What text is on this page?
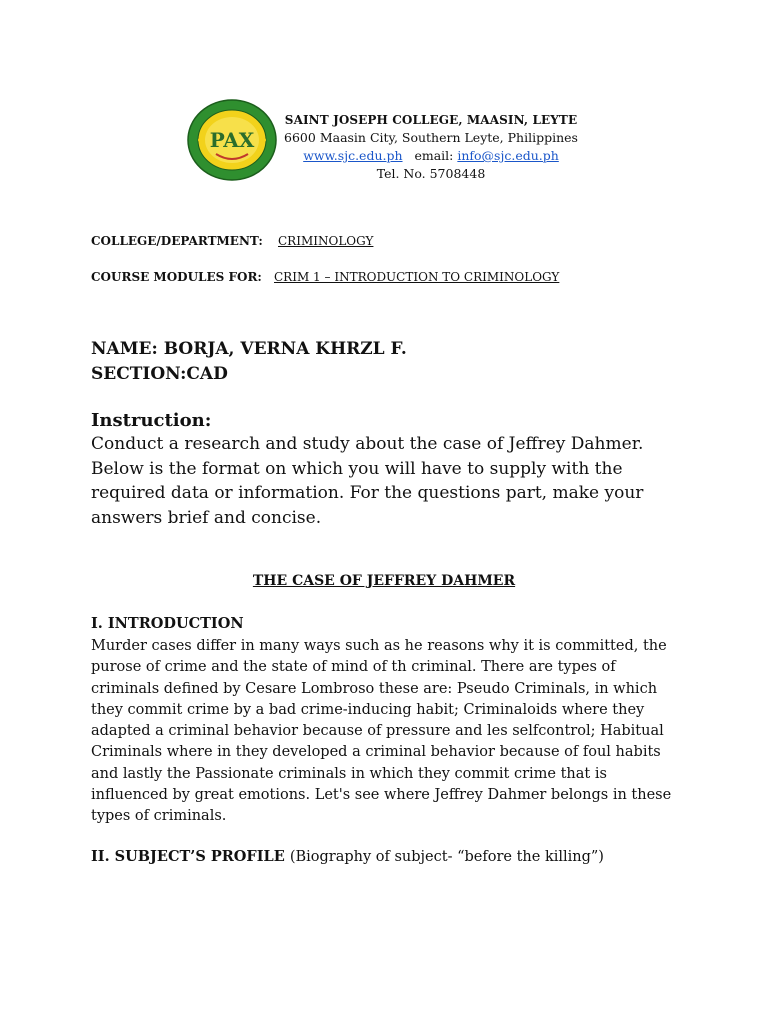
PAX
SAINT JOSEPH COLLEGE, MAASIN, LEYTE
6600 Maasin City, Southern Leyte, Philippines
www.sjc.edu.ph email: info@sjc.edu.ph
Tel. No. 5708448
COLLEGE/DEPARTMENT: CRIMINOLOGY
COURSE MODULES FOR: CRIM 1 – INTRODUCTION TO CRIMINOLOGY
NAME: BORJA, VERNA KHRZL F.
SECTION:CAD
Instruction:
Conduct a research and study about the case of Jeffrey Dahmer.
Below is the format on which you will have to supply with the
required data or information. For the questions part, make your
answers brief and concise.
THE CASE OF JEFFREY DAHMER
I. INTRODUCTION
Murder cases differ in many ways such as he reasons why it is committed, the
purose of crime and the state of mind of th criminal. There are types of
criminals defined by Cesare Lombroso these are: Pseudo Criminals, in which
they commit crime by a bad crime-inducing habit; Criminaloids where they
adapted a criminal behavior because of pressure and les selfcontrol; Habitual
Criminals where in they developed a criminal behavior because of foul habits
and lastly the Passionate criminals in which they commit crime that is
influenced by great emotions. Let's see where Jeffrey Dahmer belongs in these
types of criminals.
II. SUBJECT’S PROFILE (Biography of subject- “before the killing”)
